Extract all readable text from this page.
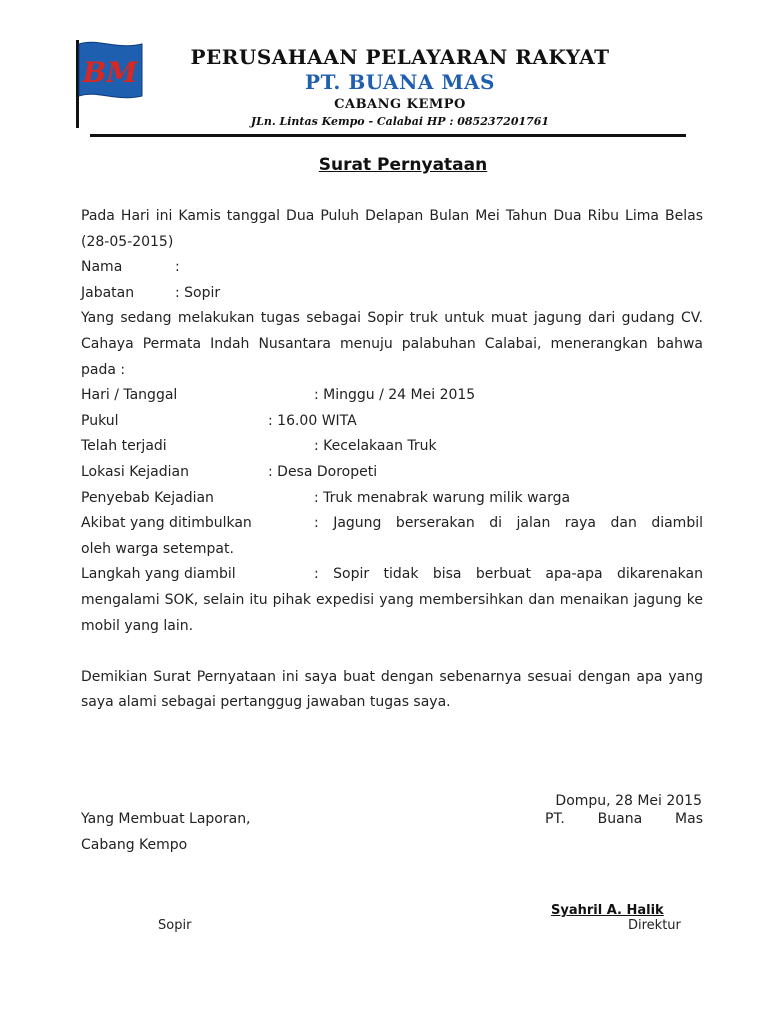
BM	PERUSAHAAN PELAYARAN RAKYAT
PT. BUANA MAS
CABANG KEMPO
JLn. Lintas Kempo - Calabai HP : 085237201761
Surat Pernyataan

Pada Hari ini Kamis tanggal Dua Puluh Delapan Bulan Mei Tahun Dua Ribu Lima Belas (28-05-2015)

Nama	:
Jabatan	: Sopir

Yang sedang melakukan tugas sebagai Sopir truk untuk muat jagung dari gudang CV. Cahaya Permata Indah Nusantara menuju palabuhan Calabai, menerangkan bahwa pada :

Hari / Tanggal	: Minggu / 24 Mei 2015
Pukul	: 16.00 WITA
Telah terjadi	: Kecelakaan Truk
Lokasi Kejadian	: Desa Doropeti
Penyebab Kejadian	: Truk menabrak warung milik warga
Akibat yang ditimbulkan	: Jagung berserakan di jalan raya dan diambil
oleh warga setempat.
Langkah yang diambil	: Sopir tidak bisa berbuat apa-apa dikarenakan
mengalami SOK, selain itu pihak expedisi yang membersihkan dan menaikan jagung ke mobil yang lain.

Demikian Surat Pernyataan ini saya buat dengan sebenarnya sesuai dengan apa yang saya alami sebagai pertanggug jawaban tugas saya.

Dompu, 28 Mei 2015
Yang Membuat Laporan,	PT. Buana Mas
Cabang Kempo
Syahril A. Halik
Sopir	Direktur
